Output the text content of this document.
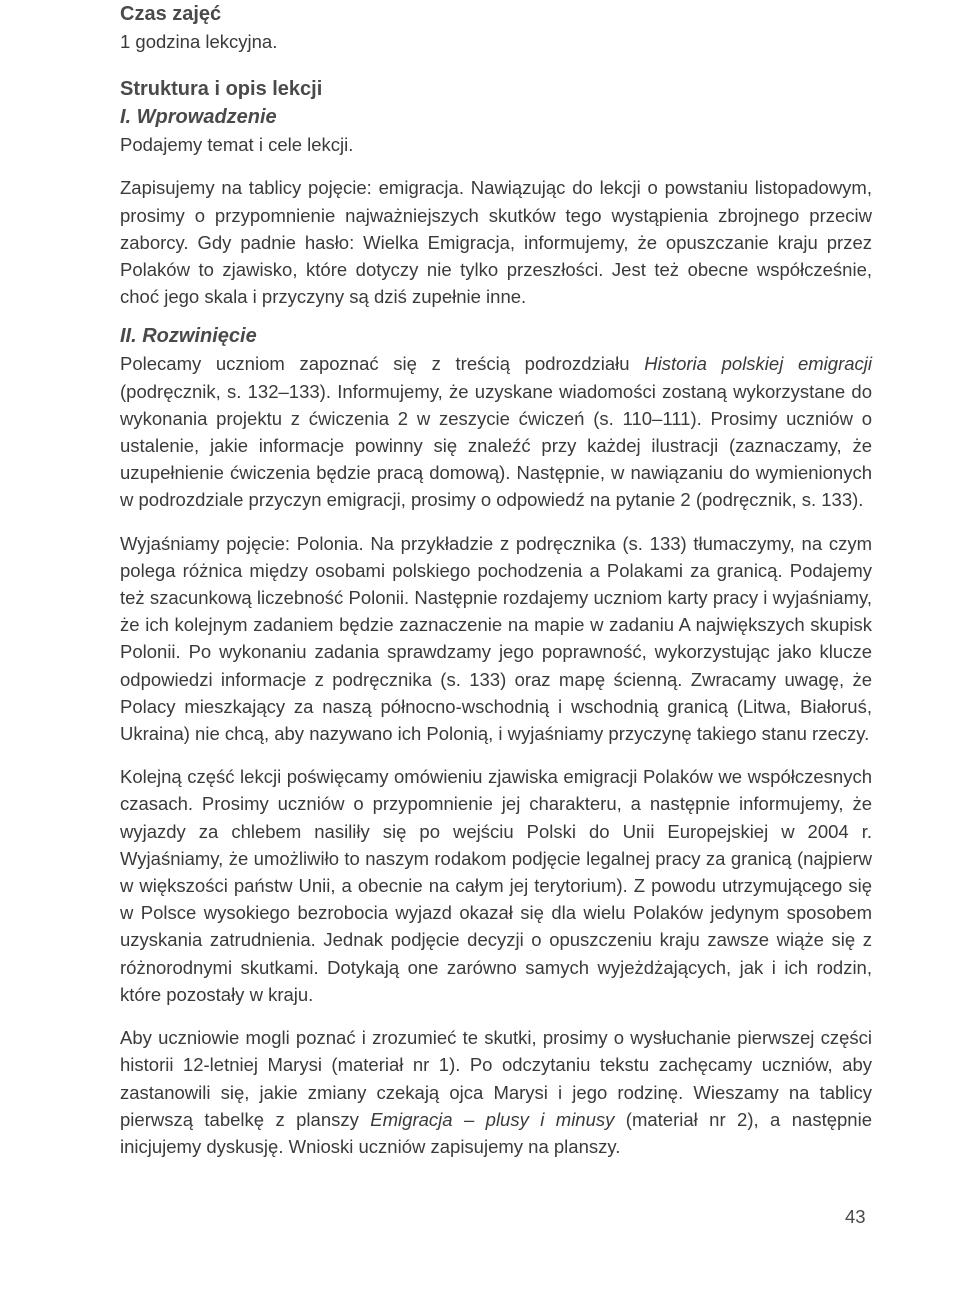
Czas zajęć

1 godzina lekcyjna.

Struktura i opis lekcji
I. Wprowadzenie

Podajemy temat i cele lekcji.

Zapisujemy na tablicy pojęcie: emigracja. Nawiązując do lekcji o powstaniu listopadowym, prosimy o przypomnienie najważniejszych skutków tego wystąpienia zbrojnego przeciw zaborcy. Gdy padnie hasło: Wielka Emigracja, informujemy, że opuszczanie kraju przez Polaków to zjawisko, które dotyczy nie tylko przeszłości. Jest też obecne współcześnie, choć jego skala i przyczyny są dziś zupełnie inne.

II. Rozwinięcie

Polecamy uczniom zapoznać się z treścią podrozdziału Historia polskiej emigracji (podręcznik, s. 132–133). Informujemy, że uzyskane wiadomości zostaną wykorzystane do wykonania projektu z ćwiczenia 2 w zeszycie ćwiczeń (s. 110–111). Prosimy uczniów o ustalenie, jakie informacje powinny się znaleźć przy każdej ilustracji (zaznaczamy, że uzupełnienie ćwiczenia będzie pracą domową). Następnie, w nawiązaniu do wymienionych w podrozdziale przyczyn emigracji, prosimy o odpowiedź na pytanie 2 (podręcznik, s. 133).

Wyjaśniamy pojęcie: Polonia. Na przykładzie z podręcznika (s. 133) tłumaczymy, na czym polega różnica między osobami polskiego pochodzenia a Polakami za granicą. Podajemy też szacunkową liczebność Polonii. Następnie rozdajemy uczniom karty pracy i wyjaśniamy, że ich kolejnym zadaniem będzie zaznaczenie na mapie w zadaniu A największych skupisk Polonii. Po wykonaniu zadania sprawdzamy jego poprawność, wykorzystując jako klucze odpowiedzi informacje z podręcznika (s. 133) oraz mapę ścienną. Zwracamy uwagę, że Polacy mieszkający za naszą północno-wschodnią i wschodnią granicą (Litwa, Białoruś, Ukraina) nie chcą, aby nazywano ich Polonią, i wyjaśniamy przyczynę takiego stanu rzeczy.

Kolejną część lekcji poświęcamy omówieniu zjawiska emigracji Polaków we współczesnych czasach. Prosimy uczniów o przypomnienie jej charakteru, a następnie informujemy, że wyjazdy za chlebem nasiliły się po wejściu Polski do Unii Europejskiej w 2004 r. Wyjaśniamy, że umożliwiło to naszym rodakom podjęcie legalnej pracy za granicą (najpierw w większości państw Unii, a obecnie na całym jej terytorium). Z powodu utrzymującego się w Polsce wysokiego bezrobocia wyjazd okazał się dla wielu Polaków jedynym sposobem uzyskania zatrudnienia. Jednak podjęcie decyzji o opuszczeniu kraju zawsze wiąże się z różnorodnymi skutkami. Dotykają one zarówno samych wyjeżdżających, jak i ich rodzin, które pozostały w kraju.

Aby uczniowie mogli poznać i zrozumieć te skutki, prosimy o wysłuchanie pierwszej części historii 12-letniej Marysi (materiał nr 1). Po odczytaniu tekstu zachęcamy uczniów, aby zastanowili się, jakie zmiany czekają ojca Marysi i jego rodzinę. Wieszamy na tablicy pierwszą tabelkę z planszy Emigracja – plusy i minusy (materiał nr 2), a następnie inicjujemy dyskusję. Wnioski uczniów zapisujemy na planszy.

43
